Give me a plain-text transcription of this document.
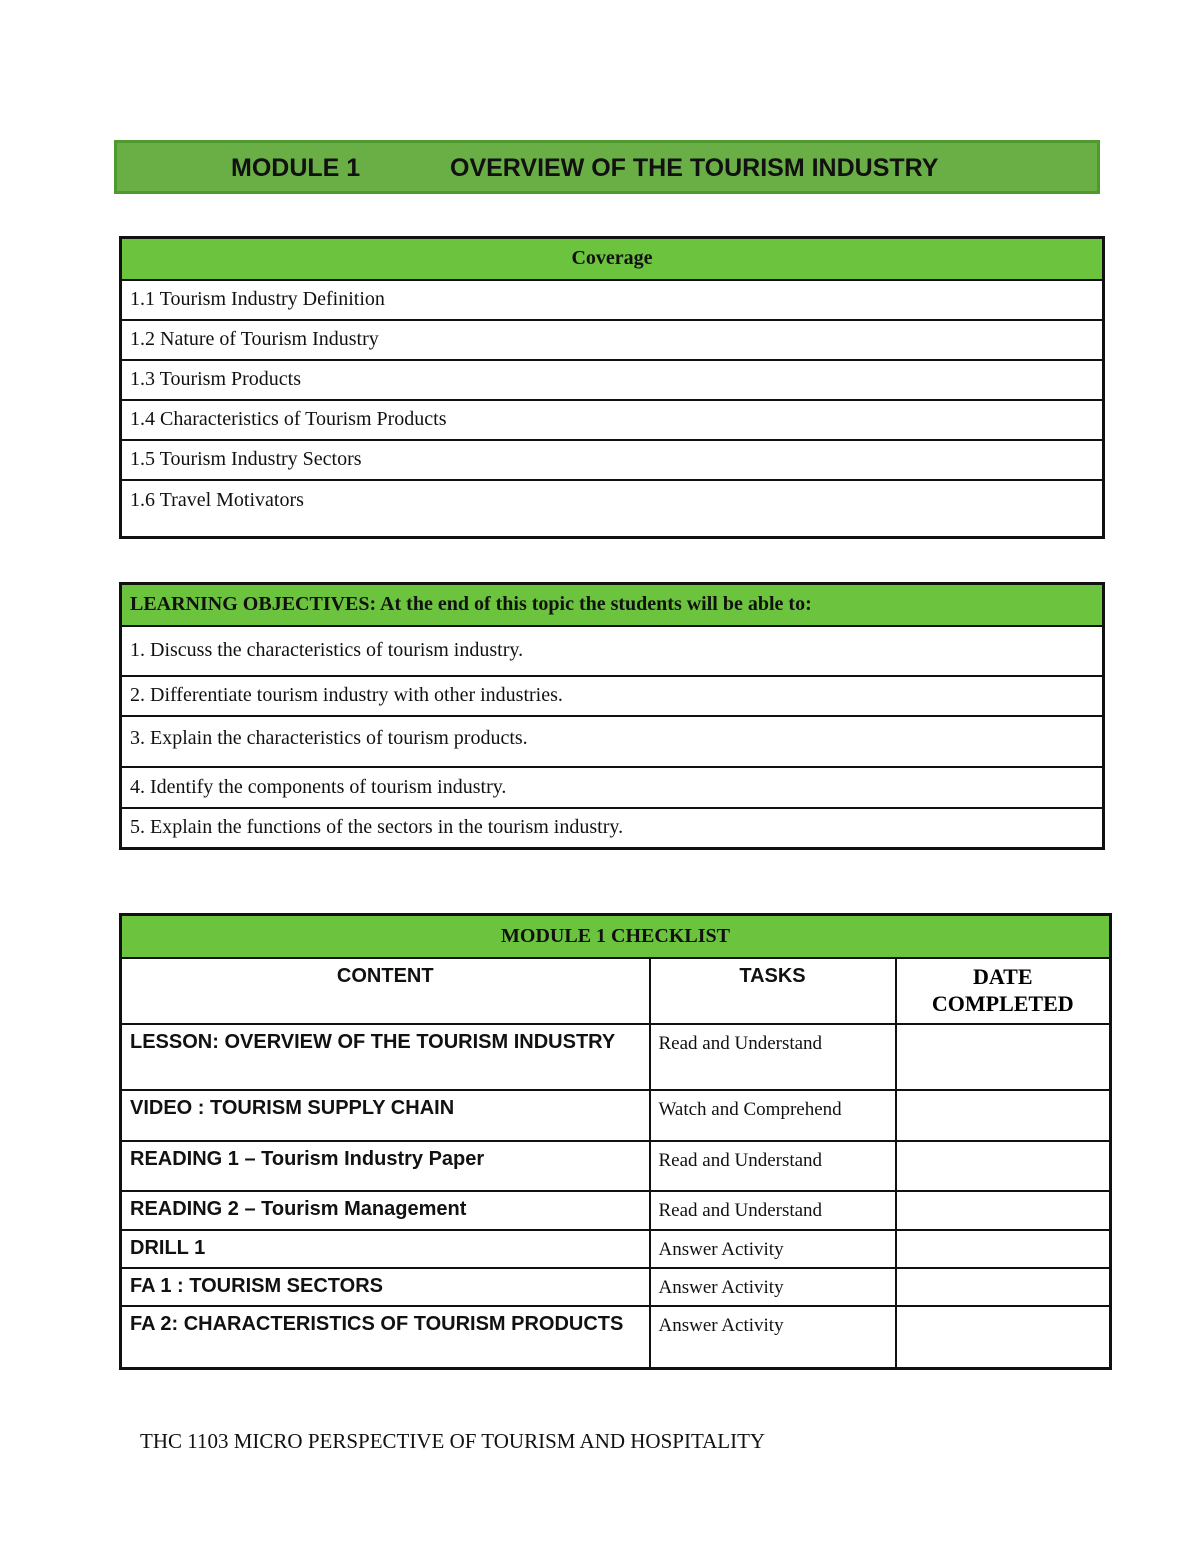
MODULE 1	OVERVIEW OF THE TOURISM INDUSTRY
Coverage
1.1 Tourism Industry Definition
1.2 Nature of Tourism Industry
1.3 Tourism Products
1.4 Characteristics of Tourism Products
1.5 Tourism Industry Sectors
1.6 Travel Motivators
LEARNING OBJECTIVES: At the end of this topic the students will be able to:
1. Discuss the characteristics of tourism industry.
2. Differentiate tourism industry with other industries.
3. Explain the characteristics of tourism products.
4. Identify the components of tourism industry.
5. Explain the functions of the sectors in the tourism industry.
MODULE 1 CHECKLIST		
CONTENT	TASKS	DATE
COMPLETED
LESSON: OVERVIEW OF THE TOURISM INDUSTRY	Read and Understand	
VIDEO : TOURISM SUPPLY CHAIN	Watch and Comprehend	
READING 1 – Tourism Industry Paper	Read and Understand	
READING 2 – Tourism Management	Read and Understand	
DRILL 1	Answer Activity	
FA 1 : TOURISM SECTORS	Answer Activity	
FA 2: CHARACTERISTICS OF TOURISM PRODUCTS	Answer Activity	
THC 1103 MICRO PERSPECTIVE OF TOURISM AND HOSPITALITY
